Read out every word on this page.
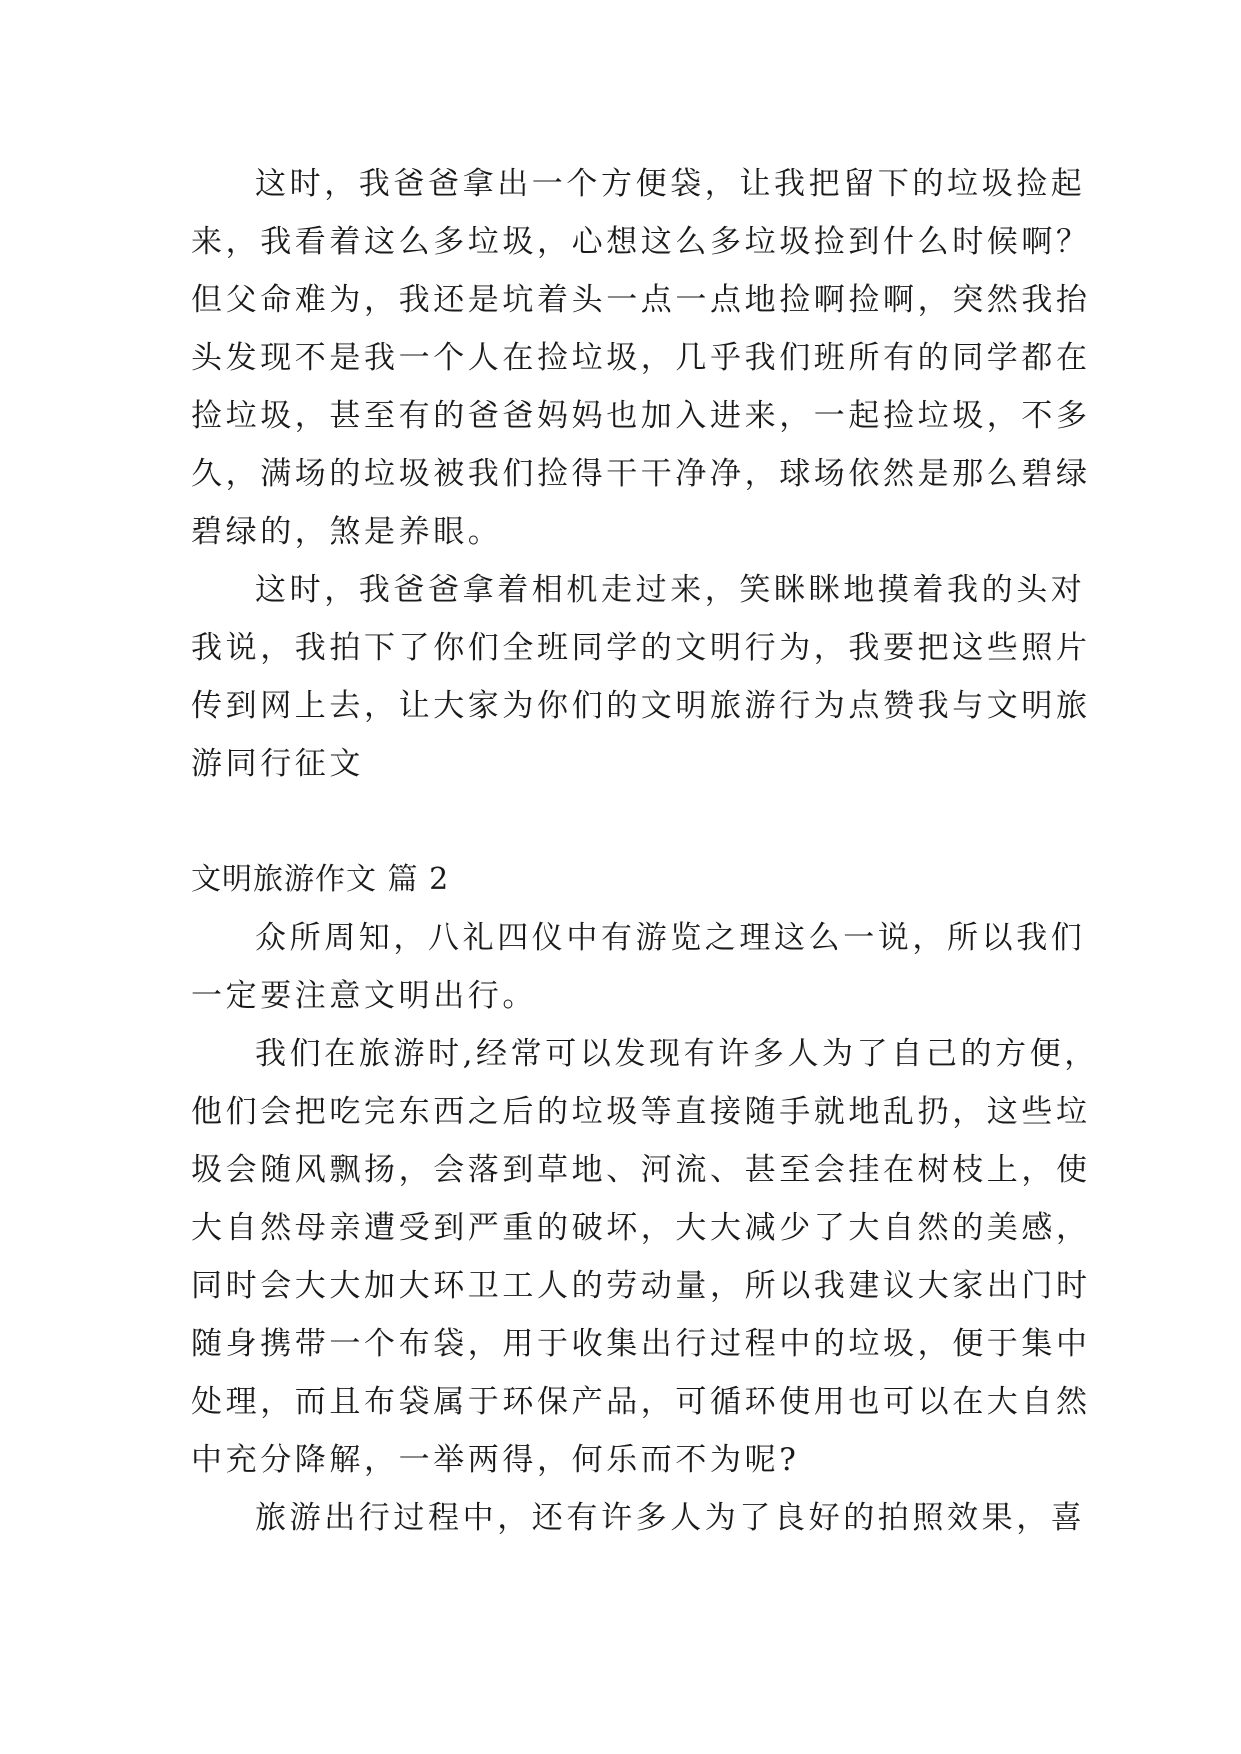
这时，我爸爸拿出一个方便袋，让我把留下的垃圾捡起
来，我看着这么多垃圾，心想这么多垃圾捡到什么时候啊？
但父命难为，我还是坑着头一点一点地捡啊捡啊，突然我抬
头发现不是我一个人在捡垃圾，几乎我们班所有的同学都在
捡垃圾，甚至有的爸爸妈妈也加入进来，一起捡垃圾，不多
久，满场的垃圾被我们捡得干干净净，球场依然是那么碧绿
碧绿的，煞是养眼。
这时，我爸爸拿着相机走过来，笑眯眯地摸着我的头对
我说，我拍下了你们全班同学的文明行为，我要把这些照片
传到网上去，让大家为你们的文明旅游行为点赞我与文明旅
游同行征文
文明旅游作文 篇 2
众所周知，八礼四仪中有游览之理这么一说，所以我们
一定要注意文明出行。
我们在旅游时,经常可以发现有许多人为了自己的方便，
他们会把吃完东西之后的垃圾等直接随手就地乱扔，这些垃
圾会随风飘扬，会落到草地、河流、甚至会挂在树枝上，使
大自然母亲遭受到严重的破坏，大大减少了大自然的美感，
同时会大大加大环卫工人的劳动量，所以我建议大家出门时
随身携带一个布袋，用于收集出行过程中的垃圾，便于集中
处理，而且布袋属于环保产品，可循环使用也可以在大自然
中充分降解，一举两得，何乐而不为呢?
旅游出行过程中，还有许多人为了良好的拍照效果，喜
